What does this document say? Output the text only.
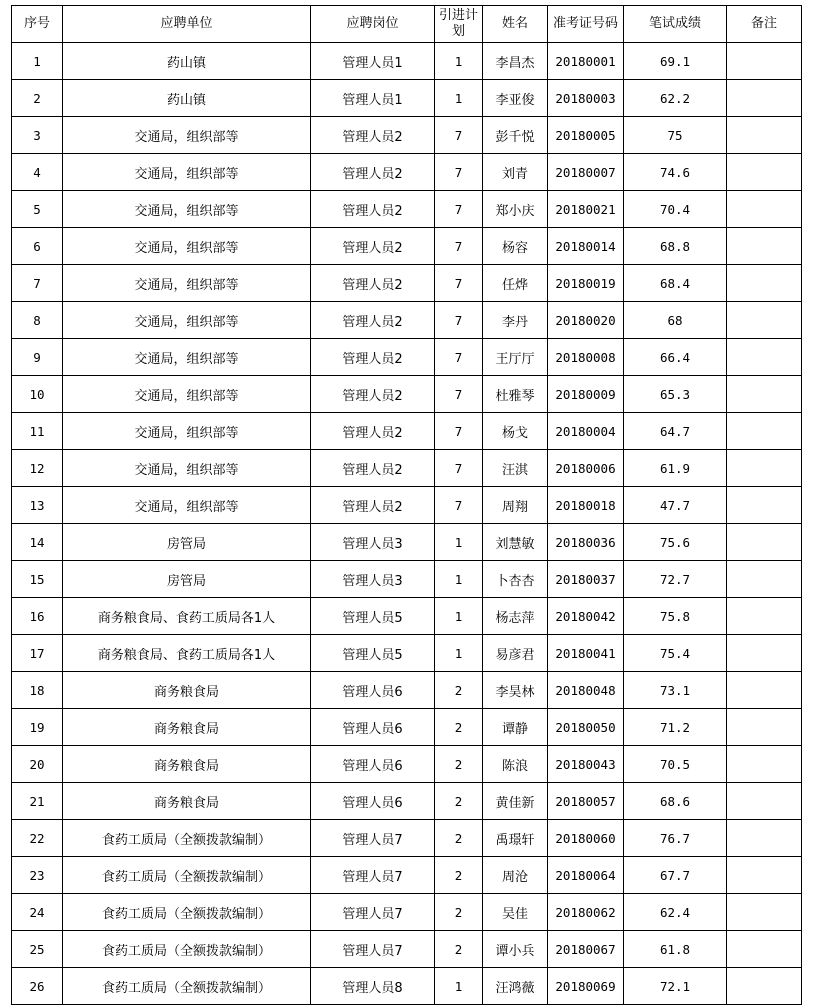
序号	应聘单位	应聘岗位	引进计划	姓名	准考证号码	笔试成绩	备注
1	药山镇	管理人员1	1	李昌杰	20180001	69.1	
2	药山镇	管理人员1	1	李亚俊	20180003	62.2	
3	交通局，组织部等	管理人员2	7	彭千悦	20180005	75	
4	交通局，组织部等	管理人员2	7	刘青	20180007	74.6	
5	交通局，组织部等	管理人员2	7	郑小庆	20180021	70.4	
6	交通局，组织部等	管理人员2	7	杨容	20180014	68.8	
7	交通局，组织部等	管理人员2	7	任烨	20180019	68.4	
8	交通局，组织部等	管理人员2	7	李丹	20180020	68	
9	交通局，组织部等	管理人员2	7	王厅厅	20180008	66.4	
10	交通局，组织部等	管理人员2	7	杜雅琴	20180009	65.3	
11	交通局，组织部等	管理人员2	7	杨戈	20180004	64.7	
12	交通局，组织部等	管理人员2	7	汪淇	20180006	61.9	
13	交通局，组织部等	管理人员2	7	周翔	20180018	47.7	
14	房管局	管理人员3	1	刘慧敏	20180036	75.6	
15	房管局	管理人员3	1	卜杏杏	20180037	72.7	
16	商务粮食局、食药工质局各1人	管理人员5	1	杨志萍	20180042	75.8	
17	商务粮食局、食药工质局各1人	管理人员5	1	易彦君	20180041	75.4	
18	商务粮食局	管理人员6	2	李昊林	20180048	73.1	
19	商务粮食局	管理人员6	2	谭静	20180050	71.2	
20	商务粮食局	管理人员6	2	陈浪	20180043	70.5	
21	商务粮食局	管理人员6	2	黄佳新	20180057	68.6	
22	食药工质局（全额拨款编制）	管理人员7	2	禹璟轩	20180060	76.7	
23	食药工质局（全额拨款编制）	管理人员7	2	周沧	20180064	67.7	
24	食药工质局（全额拨款编制）	管理人员7	2	吴佳	20180062	62.4	
25	食药工质局（全额拨款编制）	管理人员7	2	谭小兵	20180067	61.8	
26	食药工质局（全额拨款编制）	管理人员8	1	汪鸿薇	20180069	72.1	
